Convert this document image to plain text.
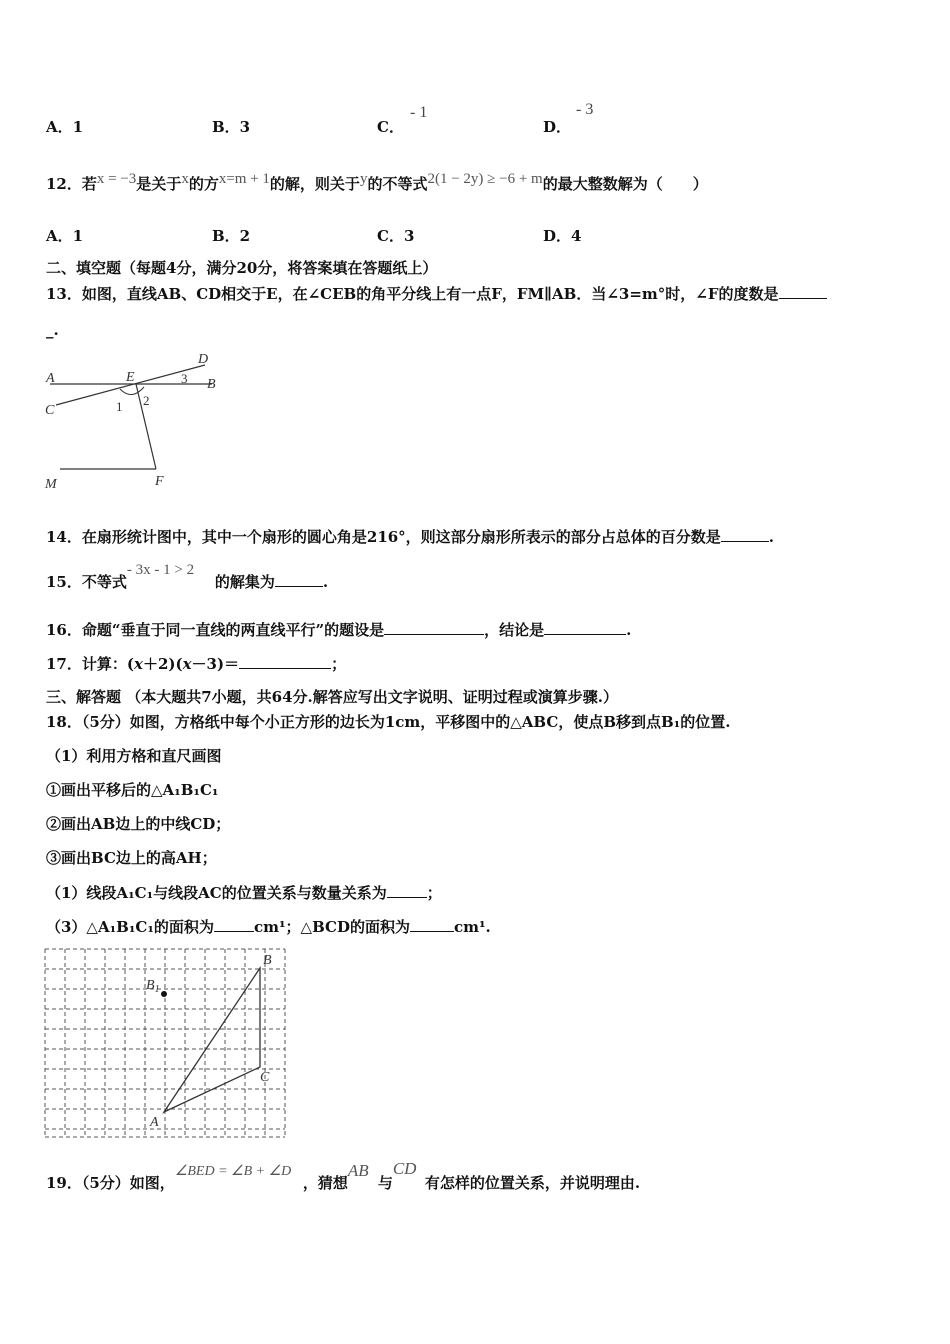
A．1	B．3	C．
- 1
D．
- 3
12．若x = −3是关于x的方x=m + 1的解，则关于y的不等式2(1 − 2y) ≥ −6 + m的最大整数解为（　　）
A．1	B．2	C．3	D．4
二、填空题（每题4分，满分20分，将答案填在答题纸上）
13．如图，直线AB、CD相交于E，在∠CEB的角平分线上有一点F，FM∥AB．当∠3=m°时，∠F的度数是
_.
A	B
C
D
E
M	F
1 2
3
14．在扇形统计图中，其中一个扇形的圆心角是216°，则这部分扇形所表示的部分占总体的百分数是	.
15．不等式- 3x - 1 > 2的解集为	.
16．命题“垂直于同一直线的两直线平行”的题设是	，结论是	.
17．计算：(x＋2)(x－3)＝	；
三、解答题 （本大题共7小题，共64分.解答应写出文字说明、证明过程或演算步骤.）
18．（5分）如图，方格纸中每个小正方形的边长为1cm，平移图中的△ABC，使点B移到点B₁的位置.
（1）利用方格和直尺画图
①画出平移后的△A₁B₁C₁
②画出AB边上的中线CD；
③画出BC边上的高AH；
（1）线段A₁C₁与线段AC的位置关系与数量关系为	；
（3）△A₁B₁C₁的面积为	cm¹；△BCD的面积为	cm¹.
A
B
C
$B_1$
19．（5分）如图，∠BED = ∠B + ∠D，猜想AB与CD有怎样的位置关系，并说明理由.
